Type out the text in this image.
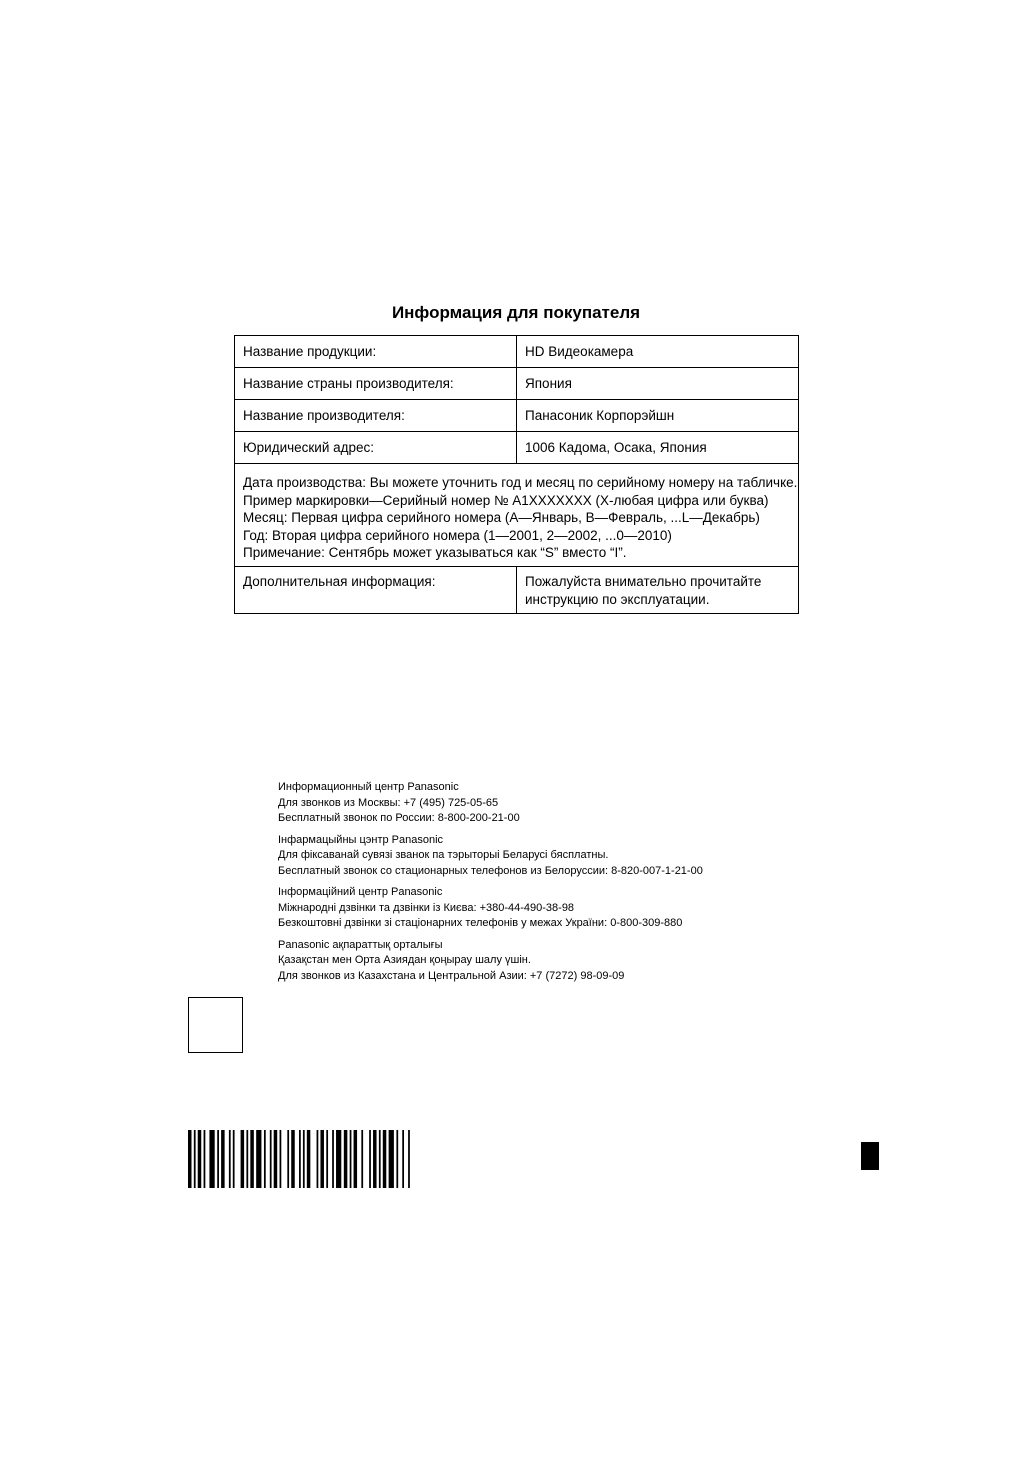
Информация для покупателя
Название продукции:	HD Видеокамера
Название страны производителя:	Япония
Название производителя:	Панасоник Корпорэйшн
Юридический адрес:	1006 Кадома, Осака, Япония

Дата производства: Вы можете уточнить год и месяц по серийному номеру на табличке.
Пример маркировки—Серийный номер № A1XXXXXXX (X-любая цифра или буква)
Месяц: Первая цифра серийного номера (A—Январь, B—Февраль, ...L—Декабрь)
Год: Вторая цифра серийного номера (1—2001, 2—2002, ...0—2010)
Примечание: Сентябрь может указываться как “S” вместо “I”.	

Дополнительная информация:	Пожалуйста внимательно прочитайте
инструкцию по эксплуатации.
Информационный центр Panasonic
Для звонков из Москвы: +7 (495) 725-05-65
Бесплатный звонок по России: 8-800-200-21-00
Інфармацыйны цэнтр Panasonic
Для фіксаванай сувязі званок па тэрыторыі Беларусі бясплатны.
Бесплатный звонок со стационарных телефонов из Белоруссии: 8-820-007-1-21-00
Інформаційний центр Panasonic
Міжнародні дзвінки та дзвінки із Києва: +380-44-490-38-98
Безкоштовні дзвінки зі стаціонарних телефонів у межах України: 0-800-309-880
Panasonic ақпараттық орталығы
Қазақстан мен Орта Азиядан қоңырау шалу үшін.
Для звонков из Казахстана и Центральной Азии: +7 (7272) 98-09-09
